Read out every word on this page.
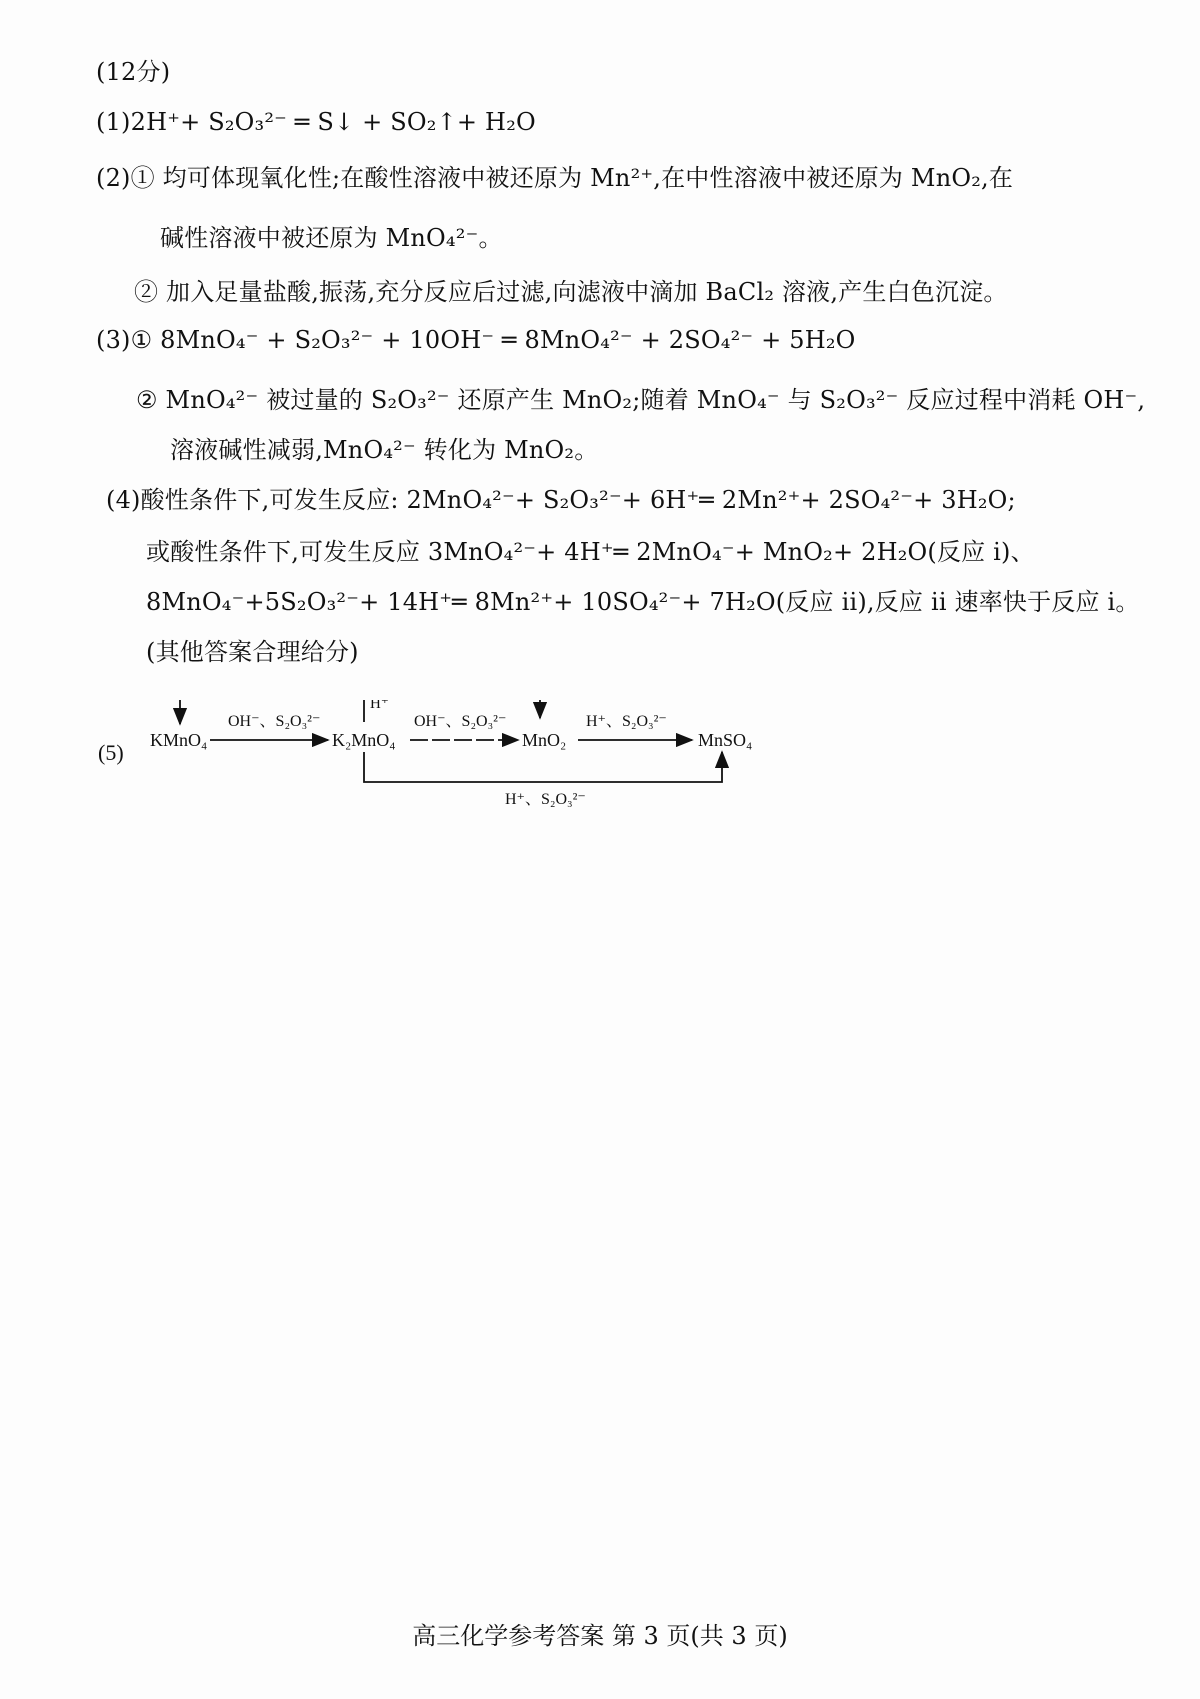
(12分)
(1)2H⁺+ S₂O₃²⁻ ═ S↓ + SO₂↑+ H₂O
(2)① 均可体现氧化性;在酸性溶液中被还原为 Mn²⁺,在中性溶液中被还原为 MnO₂,在
碱性溶液中被还原为 MnO₄²⁻。
② 加入足量盐酸,振荡,充分反应后过滤,向滤液中滴加 BaCl₂ 溶液,产生白色沉淀。
(3)① 8MnO₄⁻ + S₂O₃²⁻ + 10OH⁻ ═ 8MnO₄²⁻ + 2SO₄²⁻ + 5H₂O
② MnO₄²⁻ 被过量的 S₂O₃²⁻ 还原产生 MnO₂;随着 MnO₄⁻ 与 S₂O₃²⁻ 反应过程中消耗 OH⁻,
溶液碱性减弱,MnO₄²⁻ 转化为 MnO₂。
(4)酸性条件下,可发生反应: 2MnO₄²⁻+ S₂O₃²⁻+ 6H⁺═ 2Mn²⁺+ 2SO₄²⁻+ 3H₂O;
或酸性条件下,可发生反应 3MnO₄²⁻+ 4H⁺═ 2MnO₄⁻+ MnO₂+ 2H₂O(反应 i)、
8MnO₄⁻+5S₂O₃²⁻+ 14H⁺═ 8Mn²⁺+ 10SO₄²⁻+ 7H₂O(反应 ii),反应 ii 速率快于反应 i。
(其他答案合理给分)
(5) KMnO₄	K₂MnO₄	MnO₂	MnSO₄
OH⁻、S₂O₃²⁻	OH⁻、S₂O₃²⁻	H⁺、S₂O₃²⁻
H⁺
H⁺、S₂O₃²⁻
高三化学参考答案 第 3 页(共 3 页)
